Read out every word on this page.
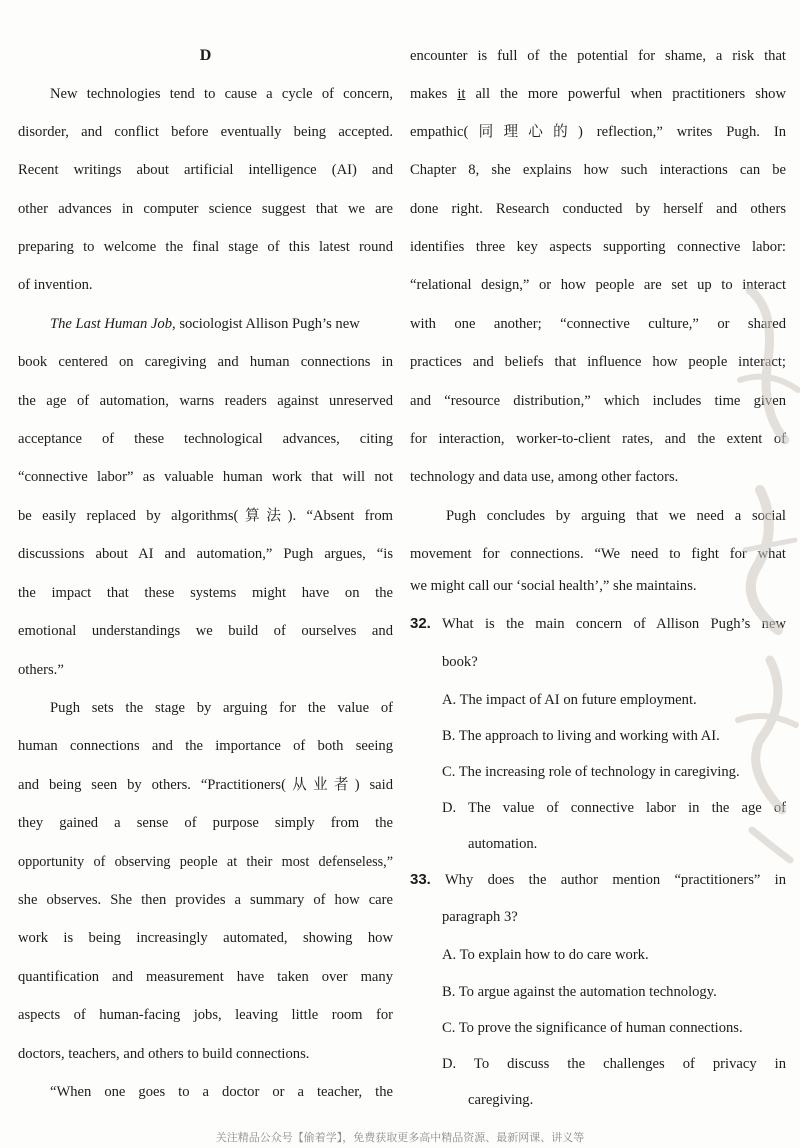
D
New technologies tend to cause a cycle of concern,
disorder, and conflict before eventually being accepted.
Recent writings about artificial intelligence (AI) and
other advances in computer science suggest that we are
preparing to welcome the final stage of this latest round
of invention.
The Last Human Job, sociologist Allison Pugh’s new
book centered on caregiving and human connections in
the age of automation, warns readers against unreserved
acceptance of these technological advances, citing
“connective labor” as valuable human work that will not
be easily replaced by algorithms(算法). “Absent from
discussions about AI and automation,” Pugh argues, “is
the impact that these systems might have on the
emotional understandings we build of ourselves and
others.”
Pugh sets the stage by arguing for the value of
human connections and the importance of both seeing
and being seen by others. “Practitioners(从业者) said
they gained a sense of purpose simply from the
opportunity of observing people at their most defenseless,”
she observes. She then provides a summary of how care
work is being increasingly automated, showing how
quantification and measurement have taken over many
aspects of human-facing jobs, leaving little room for
doctors, teachers, and others to build connections.
“When one goes to a doctor or a teacher, the
encounter is full of the potential for shame, a risk that
makes it all the more powerful when practitioners show
empathic(同理心的) reflection,” writes Pugh. In
Chapter 8, she explains how such interactions can be
done right. Research conducted by herself and others
identifies three key aspects supporting connective labor:
“relational design,” or how people are set up to interact
with one another; “connective culture,” or shared
practices and beliefs that influence how people interact;
and “resource distribution,” which includes time given
for interaction, worker-to-client rates, and the extent of
technology and data use, among other factors.
Pugh concludes by arguing that we need a social
movement for connections. “We need to fight for what
we might call our ‘social health’,” she maintains.
32. What is the main concern of Allison Pugh’s new
book?
A. The impact of AI on future employment.
B. The approach to living and working with AI.
C. The increasing role of technology in caregiving.
D. The value of connective labor in the age of
automation.
33. Why does the author mention “practitioners” in
paragraph 3?
A. To explain how to do care work.
B. To argue against the automation technology.
C. To prove the significance of human connections.
D. To discuss the challenges of privacy in
caregiving.
关注精品公众号【偷着学】，免费获取更多高中精品资源、最新网课、讲义等
